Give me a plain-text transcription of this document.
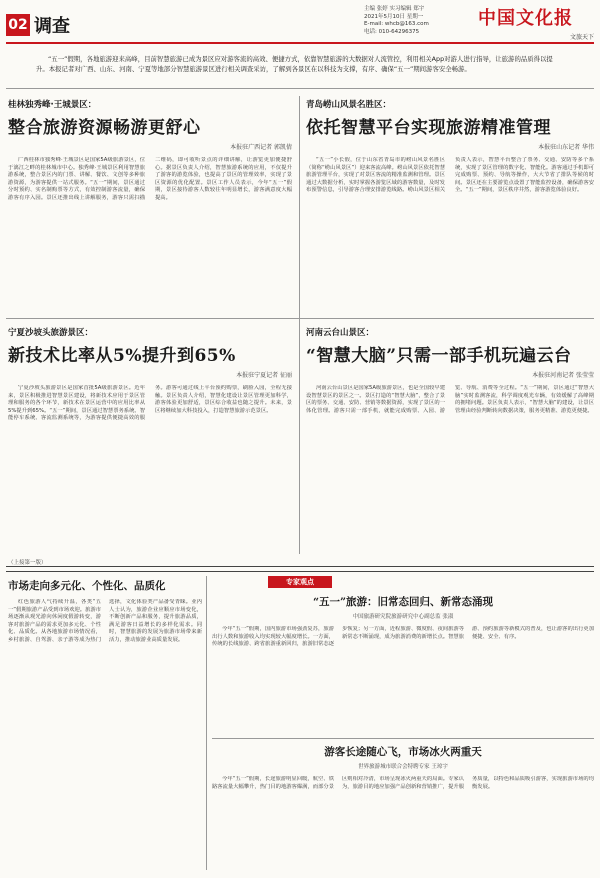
02 调查
主编 张婷 实习编辑 郑宇
2021年5月10日 星期一
E-mail: whcb@163.com
电话: 010-64296375
中国文化报
文旅天下
“五一”假期，各地旅游迎来高峰，目前智慧旅游已成为景区应对游客流的高效、便捷方式，依靠智慧旅游的大数据对人流管控，利用相关App对游人进行指导，让旅游的品质得以提升。本报记者对广西、山东、河南、宁夏等地部分智慧旅游景区进行相关调查采访，了解到各景区在以科技为支撑，有序、确保“五一”期间游客安全畅游。
桂林独秀峰·王城景区：
整合旅游资源畅游更舒心
本报驻广西记者 郭凯倩

广西桂林市独秀峰·王城景区是国家5A级旅游景区，位于漓江之畔的桂林城市中心。独秀峰·王城景区利用智慧旅游系统，整合景区内的门票、讲解、餐饮、文创等多种旅游资源，为游客提供一站式服务。“五一”期间，景区通过分时预约、实名制购票等方式，有效控制游客流量，确保游客有序入园。景区还推出线上讲解服务，游客只需扫描二维码，即可收听景点的详细讲解，让游览更加便捷舒心。据景区负责人介绍，智慧旅游系统的应用，不仅提升了游客的游览体验，也提高了景区的管理效率，实现了景区资源的优化配置。景区工作人员表示，今年“五一”假期，景区接待游客人数较往年明显增长，游客满意度大幅提高。

青岛崂山风景名胜区：
依托智慧平台实现旅游精准管理
本报驻山东记者 华伟

“五一”小长假，位于山东省青岛市的崂山风景名胜区（简称“崂山风景区”）迎来客流高峰。崂山风景区依托智慧旅游管理平台，实现了对景区客流的精准监测和管理。景区通过大数据分析，实时掌握各游览区域的游客数量，及时发布预警信息，引导游客合理安排游览线路。崂山风景区相关负责人表示，智慧平台整合了票务、交通、安防等多个系统，实现了景区管理的数字化、智能化。游客通过手机即可完成购票、预约、导航等操作，大大节省了排队等候的时间。景区还在主要游览点设置了智能监控设备，确保游客安全。“五一”期间，景区秩序井然，游客游览体验良好。

宁夏沙坡头旅游景区：
新技术比率从5%提升到65%
本报驻宁夏记者 征丽

宁夏沙坡头旅游景区是国家首批5A级旅游景区。近年来，景区积极推进智慧景区建设，将新技术应用于景区管理和服务的各个环节，新技术在景区运营中的应用比率从5%提升到65%。“五一”期间，景区通过智慧票务系统、智能停车系统、客流监测系统等，为游客提供便捷高效的服务。游客可通过线上平台预约购票，刷脸入园，全程无接触。景区负责人介绍，智慧化建设让景区管理更加科学，游客体验更加舒适，景区综合收益也随之提升。未来，景区将继续加大科技投入，打造智慧旅游示范景区。

河南云台山景区：
“智慧大脑”只需一部手机玩遍云台
本报驻河南记者 张莹莹

河南云台山景区是国家5A级旅游景区，也是全国较早建设智慧景区的景区之一。景区打造的“智慧大脑”，整合了景区的票务、交通、安防、营销等数据资源，实现了景区的一体化管理。游客只需一部手机，就能完成购票、入园、游览、导航、消费等全过程。“五一”期间，景区通过“智慧大脑”实时监测客流，科学调度观光车辆，有效缓解了高峰期的拥堵问题。景区负责人表示，“智慧大脑”的建设，让景区管理由经验判断转向数据决策，服务更精准、游览更便捷。

（上接第一版）
市场走向多元化、个性化、品质化

红色旅游人气持续升温，各类“五一”假期旅游产品受到市场欢迎。旅游市场逐渐从观光游向休闲度假游转变，游客对旅游产品的需求更加多元化、个性化、品质化。从各地旅游市场情况看，乡村旅游、自驾游、亲子游等成为热门选择，文化体验类产品备受青睐。业内人士认为，旅游企业应顺应市场变化，不断创新产品和服务，提升旅游品质，满足游客日益增长的多样化需求。同时，智慧旅游的发展为旅游市场带来新活力，推动旅游业高质量发展。

专家观点
“五一”旅游：旧常态回归、新常态涌现
中国旅游研究院旅游研究中心副总监 张淑

今年“五一”假期，国内旅游市场强劲复苏，旅游出行人数和旅游收入均实现较大幅度增长。一方面，传统的长线旅游、跨省旅游重新回归，旅游旧常态逐步恢复；另一方面，近程旅游、微度假、夜间旅游等新常态不断涌现，成为旅游消费的新增长点。智慧旅游、预约旅游等新模式的普及，也让游客的出行更加便捷、安全、有序。

游客长途随心飞，市场冰火两重天
世界旅游城市联合会特聘专家 王琼宇

今年“五一”假期，长途旅游明显回暖，航空、铁路客流量大幅攀升，热门目的地游客爆满，而部分景区则相对冷清，市场呈现冰火两重天的局面。专家认为，旅游目的地应加强产品创新和营销推广，提升服务质量，以特色和品质吸引游客，实现旅游市场的均衡发展。
